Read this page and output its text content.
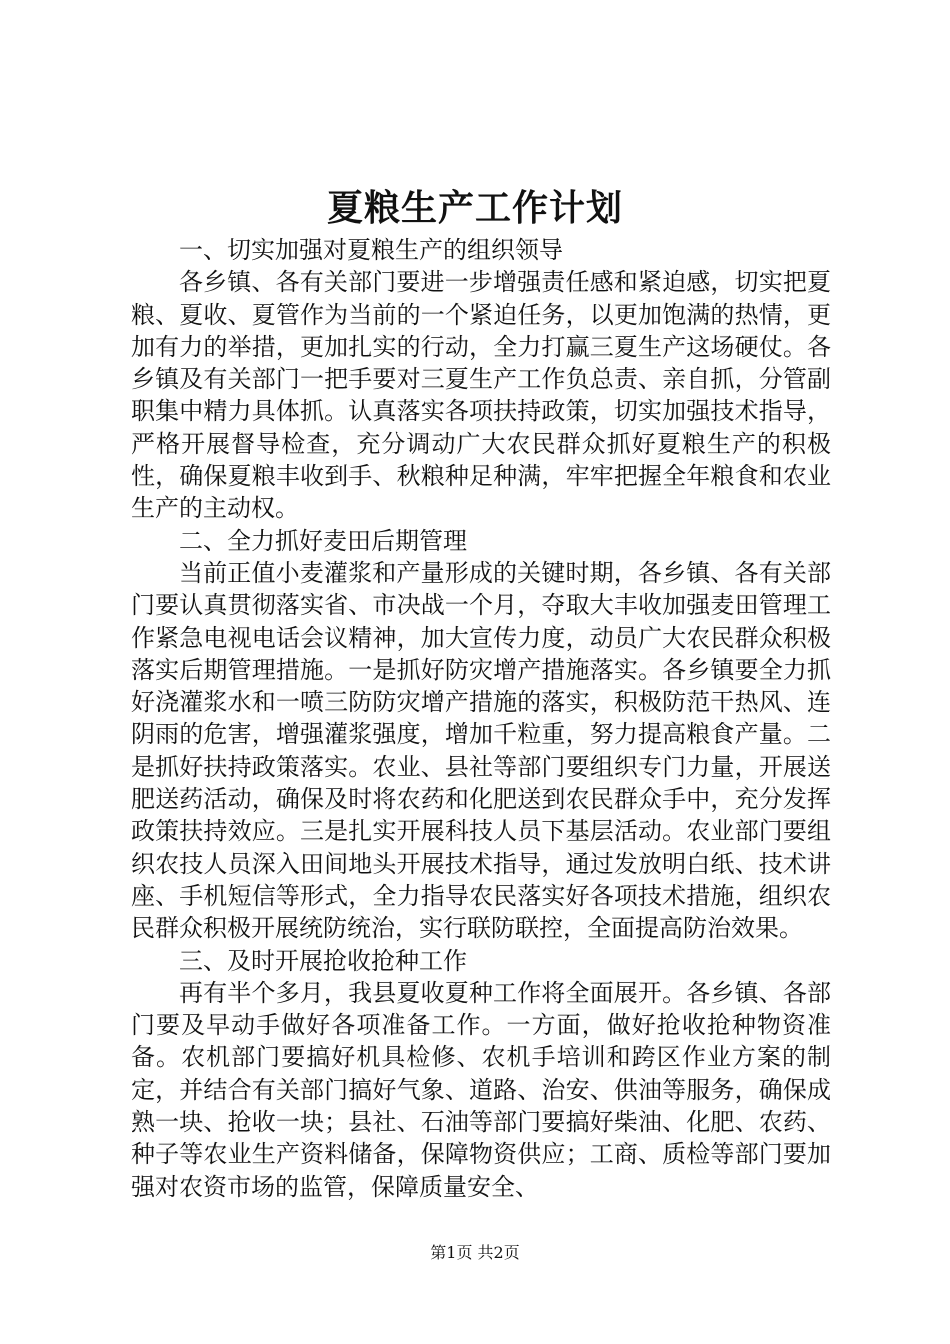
夏粮生产工作计划

一、切实加强对夏粮生产的组织领导

各乡镇、各有关部门要进一步增强责任感和紧迫感，切实把夏粮、夏收、夏管作为当前的一个紧迫任务，以更加饱满的热情，更加有力的举措，更加扎实的行动，全力打赢三夏生产这场硬仗。各乡镇及有关部门一把手要对三夏生产工作负总责、亲自抓，分管副职集中精力具体抓。认真落实各项扶持政策，切实加强技术指导，严格开展督导检查，充分调动广大农民群众抓好夏粮生产的积极性，确保夏粮丰收到手、秋粮种足种满，牢牢把握全年粮食和农业生产的主动权。

二、全力抓好麦田后期管理

当前正值小麦灌浆和产量形成的关键时期，各乡镇、各有关部门要认真贯彻落实省、市决战一个月，夺取大丰收加强麦田管理工作紧急电视电话会议精神，加大宣传力度，动员广大农民群众积极落实后期管理措施。一是抓好防灾增产措施落实。各乡镇要全力抓好浇灌浆水和一喷三防防灾增产措施的落实，积极防范干热风、连阴雨的危害，增强灌浆强度，增加千粒重，努力提高粮食产量。二是抓好扶持政策落实。农业、县社等部门要组织专门力量，开展送肥送药活动，确保及时将农药和化肥送到农民群众手中，充分发挥政策扶持效应。三是扎实开展科技人员下基层活动。农业部门要组织农技人员深入田间地头开展技术指导，通过发放明白纸、技术讲座、手机短信等形式，全力指导农民落实好各项技术措施，组织农民群众积极开展统防统治，实行联防联控，全面提高防治效果。

三、及时开展抢收抢种工作

再有半个多月，我县夏收夏种工作将全面展开。各乡镇、各部门要及早动手做好各项准备工作。一方面，做好抢收抢种物资准备。农机部门要搞好机具检修、农机手培训和跨区作业方案的制定，并结合有关部门搞好气象、道路、治安、供油等服务，确保成熟一块、抢收一块；县社、石油等部门要搞好柴油、化肥、农药、种子等农业生产资料储备，保障物资供应；工商、质检等部门要加强对农资市场的监管，保障质量安全、

第1页 共2页
